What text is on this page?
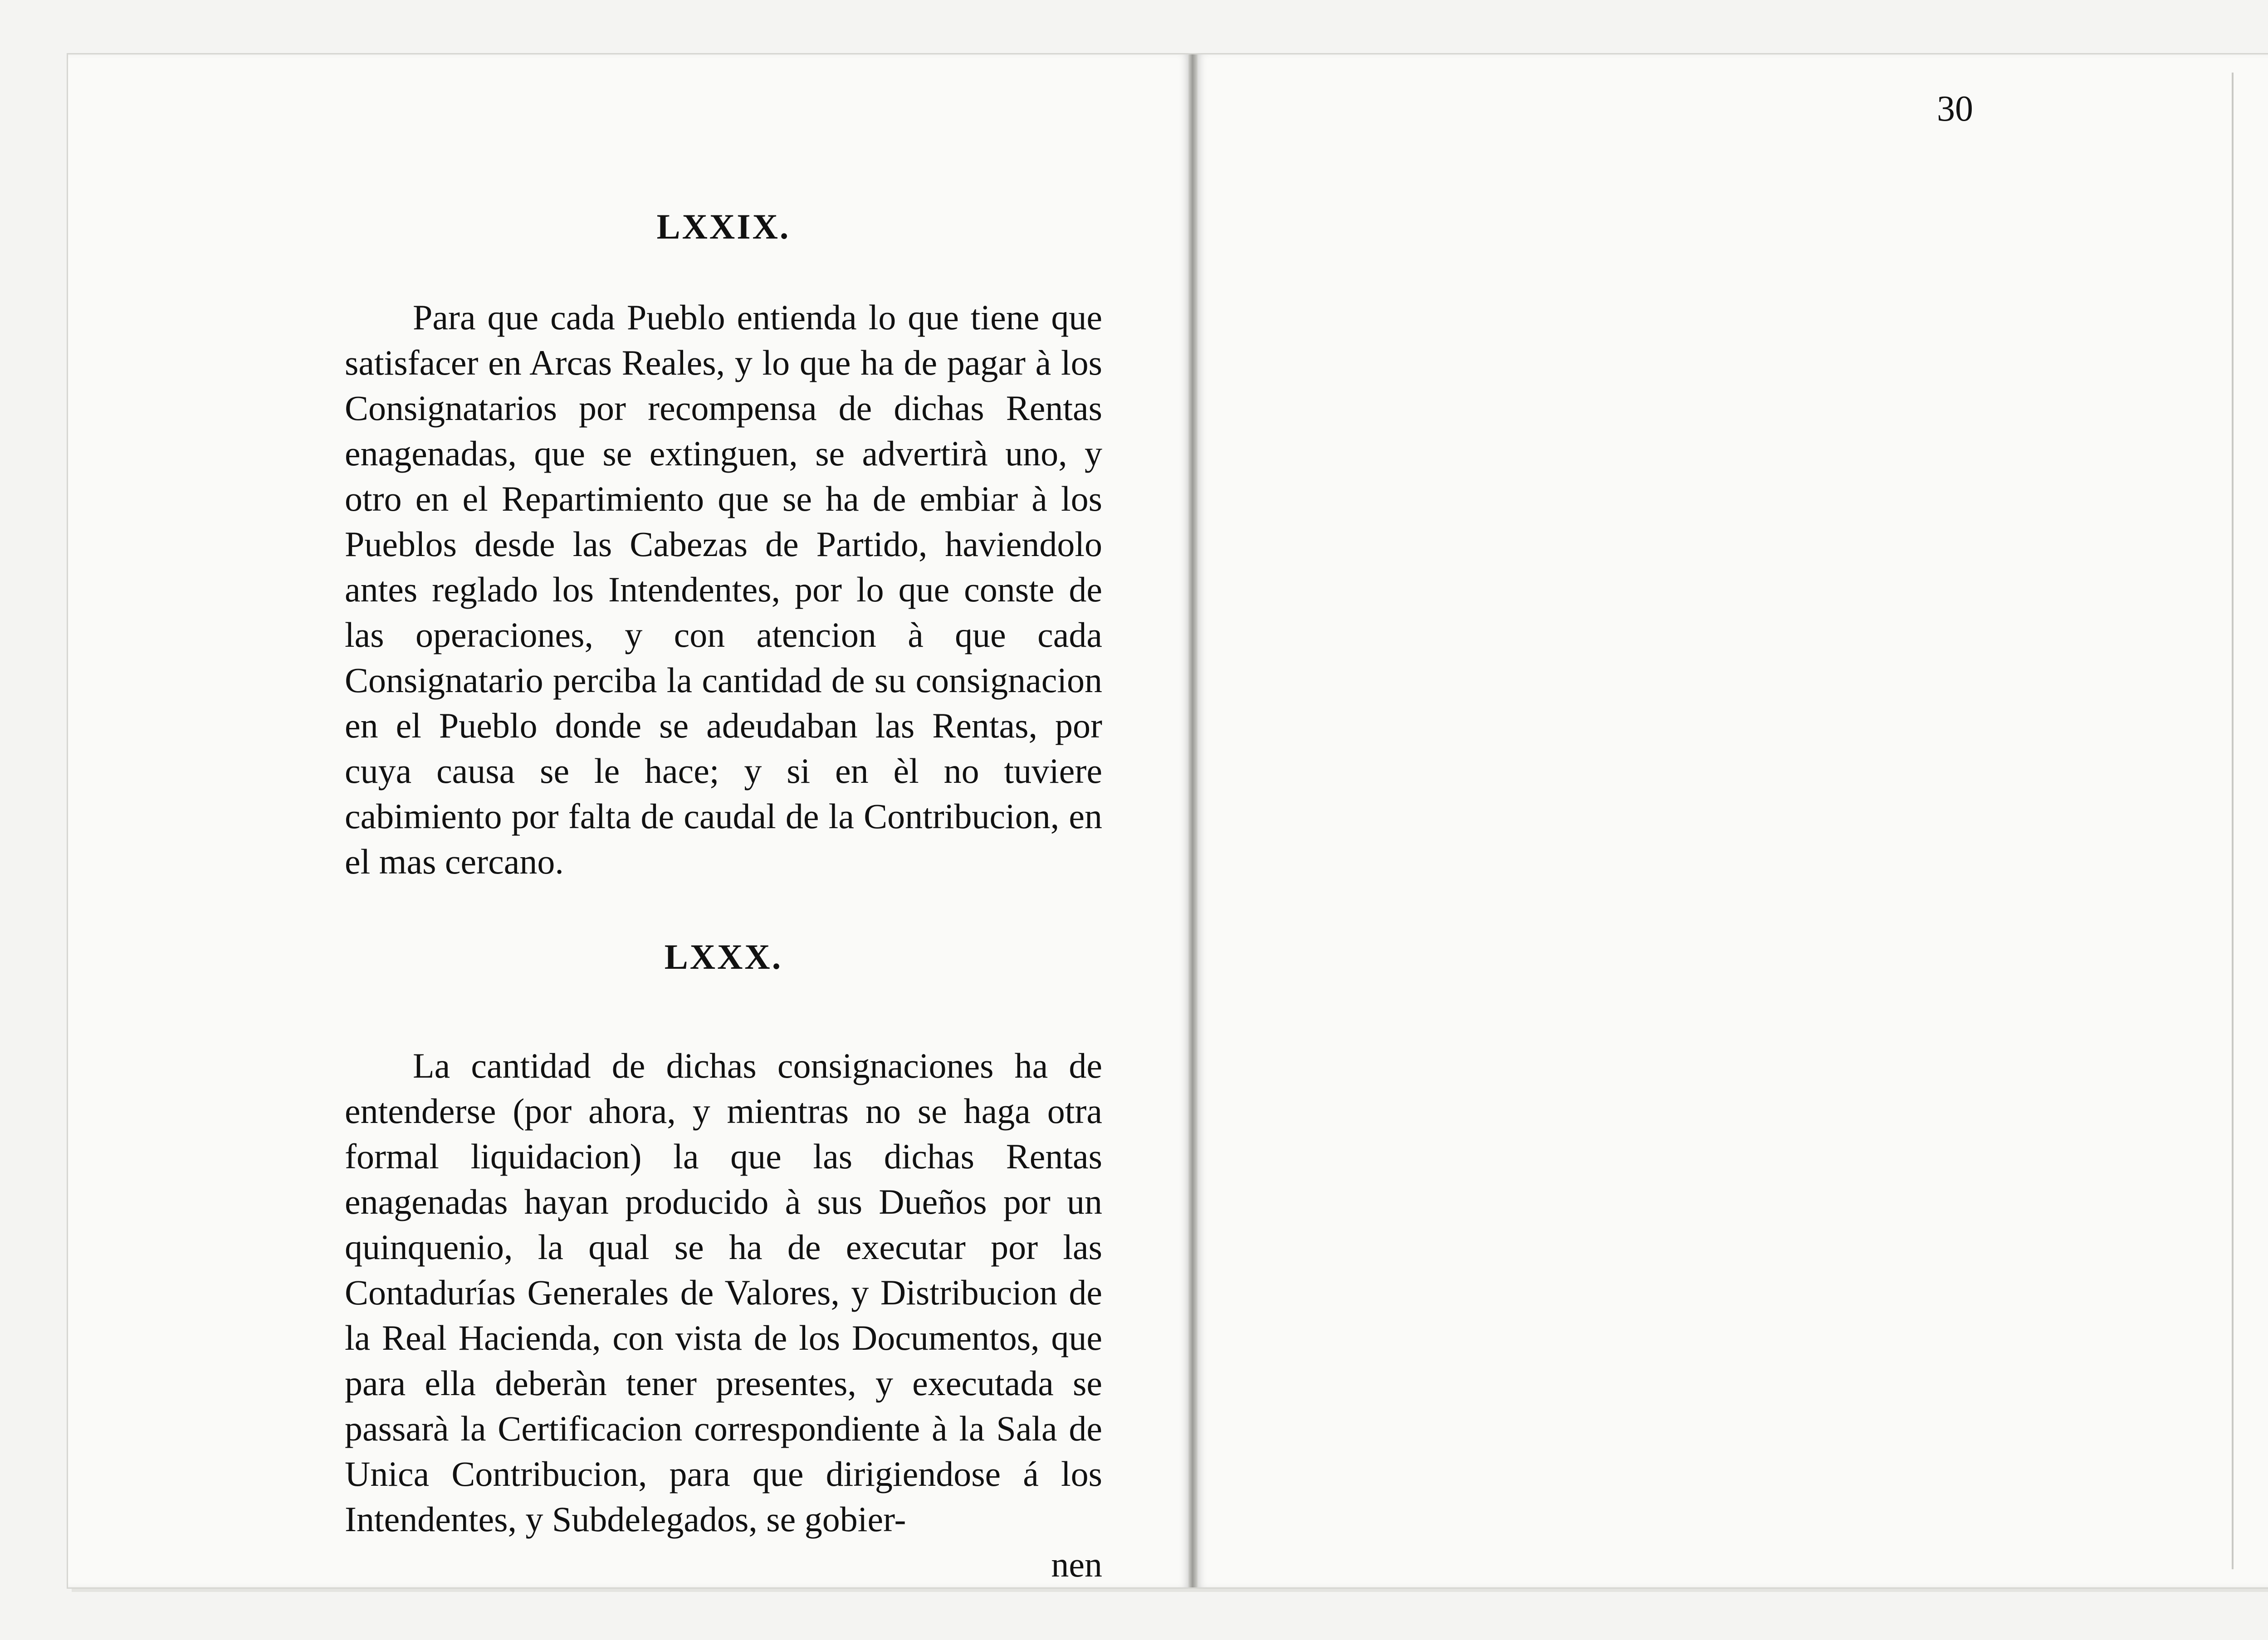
LXXIX.

Para que cada Pueblo entienda lo que tiene que satisfacer en Arcas Reales, y lo que ha de pagar à los Consignatarios por recompensa de dichas Rentas enagenadas, que se extinguen, se advertirà uno, y otro en el Repartimiento que se ha de embiar à los Pueblos desde las Cabezas de Partido, haviendolo antes reglado los Intendentes, por lo que conste de las operaciones, y con atencion à que cada Consignatario perciba la cantidad de su consignacion en el Pueblo donde se adeudaban las Rentas, por cuya causa se le hace; y si en èl no tuviere cabimiento por falta de caudal de la Contribucion, en el mas cercano.

LXXX.

La cantidad de dichas consignaciones ha de entenderse (por ahora, y mientras no se haga otra formal liquidacion) la que las dichas Rentas enagenadas hayan producido à sus Dueños por un quinquenio, la qual se ha de executar por las Contadurías Generales de Valores, y Distribucion de la Real Hacienda, con vista de los Documentos, que para ella deberàn tener presentes, y executada se passarà la Certificacion correspondiente à la Sala de Unica Contribucion, para que dirigiendose á los Intendentes, y Subdelegados, se gobier-

nen

30
